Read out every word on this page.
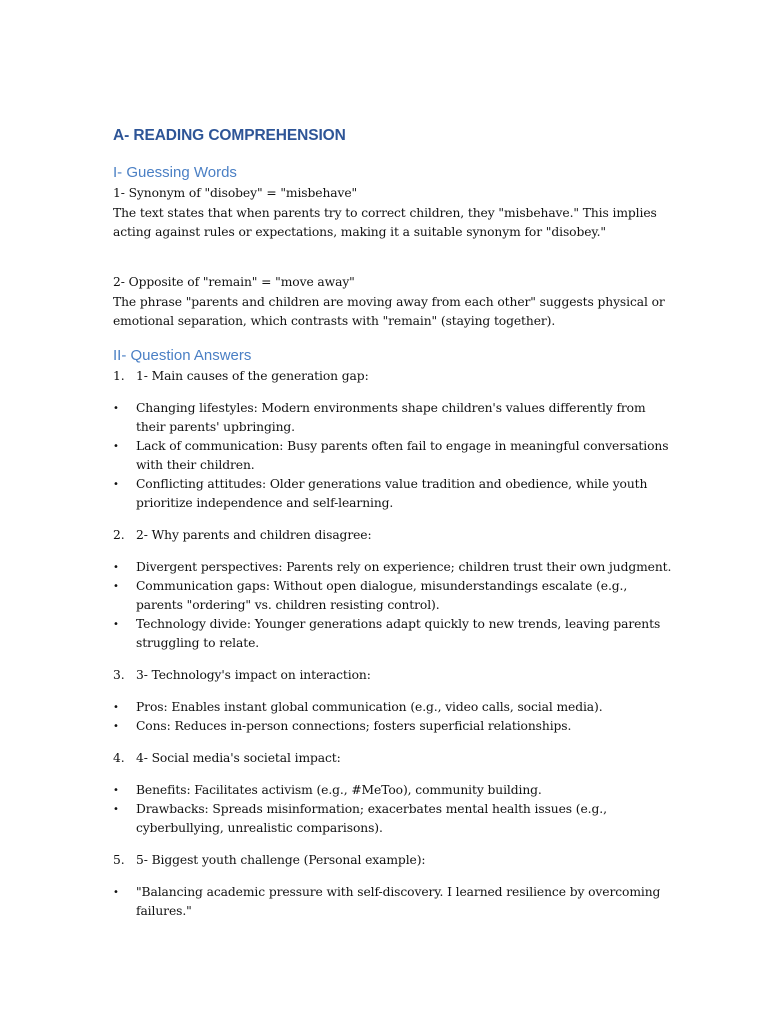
A- READING COMPREHENSION
I- Guessing Words
1- Synonym of "disobey" = "misbehave"
The text states that when parents try to correct children, they "misbehave." This implies acting against rules or expectations, making it a suitable synonym for "disobey."
2- Opposite of "remain" = "move away"
The phrase "parents and children are moving away from each other" suggests physical or emotional separation, which contrasts with "remain" (staying together).
II- Question Answers
1. 1- Main causes of the generation gap:
• Changing lifestyles: Modern environments shape children's values differently from their parents' upbringing.
• Lack of communication: Busy parents often fail to engage in meaningful conversations with their children.
• Conflicting attitudes: Older generations value tradition and obedience, while youth prioritize independence and self-learning.
2. 2- Why parents and children disagree:
• Divergent perspectives: Parents rely on experience; children trust their own judgment.
• Communication gaps: Without open dialogue, misunderstandings escalate (e.g., parents "ordering" vs. children resisting control).
• Technology divide: Younger generations adapt quickly to new trends, leaving parents struggling to relate.
3. 3- Technology's impact on interaction:
• Pros: Enables instant global communication (e.g., video calls, social media).
• Cons: Reduces in-person connections; fosters superficial relationships.
4. 4- Social media's societal impact:
• Benefits: Facilitates activism (e.g., #MeToo), community building.
• Drawbacks: Spreads misinformation; exacerbates mental health issues (e.g., cyberbullying, unrealistic comparisons).
5. 5- Biggest youth challenge (Personal example):
• "Balancing academic pressure with self-discovery. I learned resilience by overcoming failures."
